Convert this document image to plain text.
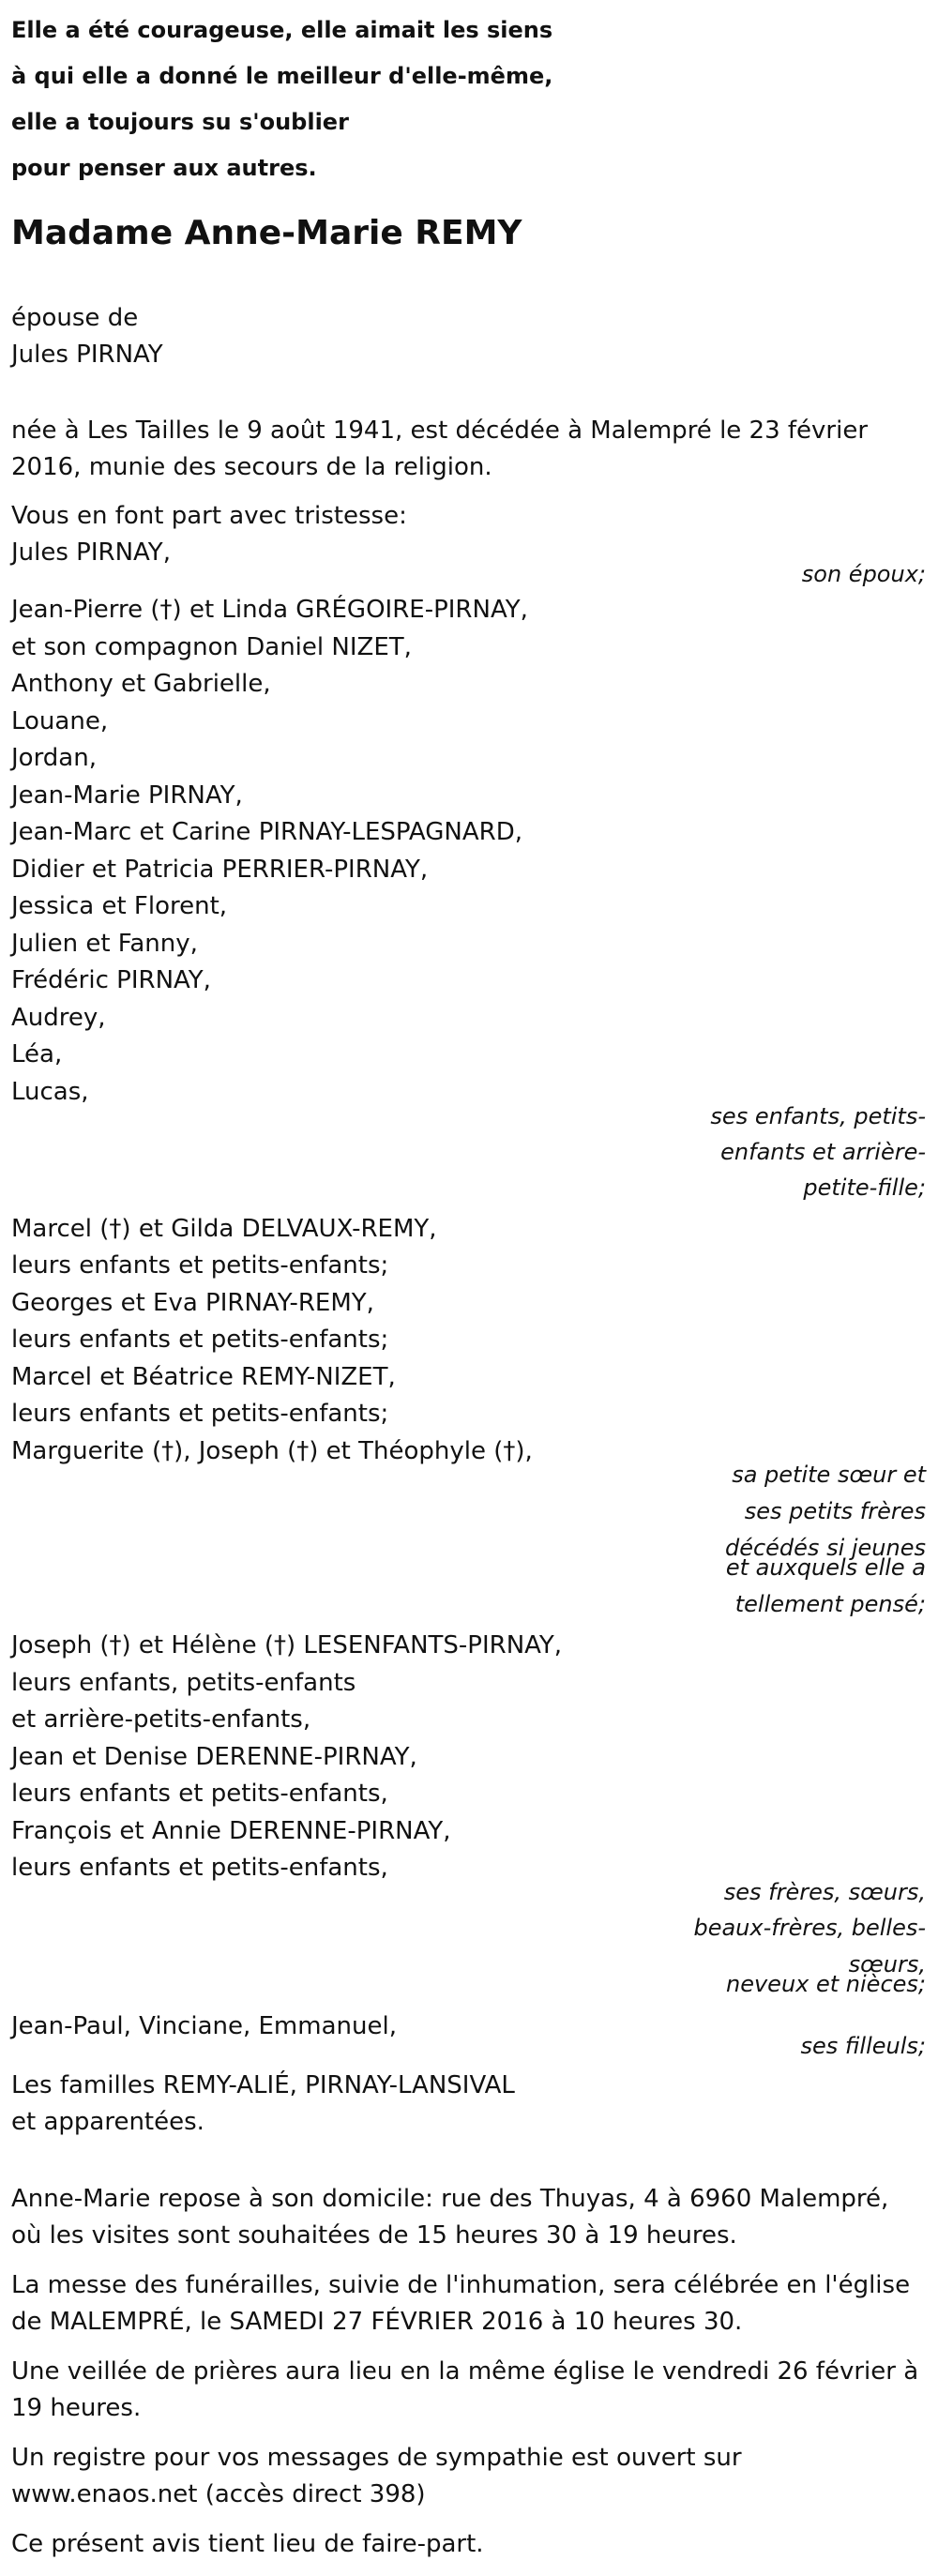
Elle a été courageuse, elle aimait les siens
à qui elle a donné le meilleur d'elle-même,
elle a toujours su s'oublier
pour penser aux autres.
Madame Anne-Marie REMY
épouse de
Jules PIRNAY
née à Les Tailles le 9 août 1941, est décédée à Malempré le 23 février
2016, munie des secours de la religion.
Vous en font part avec tristesse:
Jules PIRNAY,
son époux;
Jean-Pierre (†) et Linda GRÉGOIRE-PIRNAY,
et son compagnon Daniel NIZET,
Anthony et Gabrielle,
Louane,
Jordan,
Jean-Marie PIRNAY,
Jean-Marc et Carine PIRNAY-LESPAGNARD,
Didier et Patricia PERRIER-PIRNAY,
Jessica et Florent,
Julien et Fanny,
Frédéric PIRNAY,
Audrey,
Léa,
Lucas,
ses enfants, petits-
enfants et arrière-
petite-fille;
Marcel (†) et Gilda DELVAUX-REMY,
leurs enfants et petits-enfants;
Georges et Eva PIRNAY-REMY,
leurs enfants et petits-enfants;
Marcel et Béatrice REMY-NIZET,
leurs enfants et petits-enfants;
Marguerite (†), Joseph (†) et Théophyle (†),
sa petite sœur et
ses petits frères
décédés si jeunes
et auxquels elle a
tellement pensé;
Joseph (†) et Hélène (†) LESENFANTS-PIRNAY,
leurs enfants, petits-enfants
et arrière-petits-enfants,
Jean et Denise DERENNE-PIRNAY,
leurs enfants et petits-enfants,
François et Annie DERENNE-PIRNAY,
leurs enfants et petits-enfants,
ses frères, sœurs,
beaux-frères, belles-
sœurs,
neveux et nièces;
Jean-Paul, Vinciane, Emmanuel,
ses filleuls;
Les familles REMY-ALIÉ, PIRNAY-LANSIVAL
et apparentées.
Anne-Marie repose à son domicile: rue des Thuyas, 4 à 6960 Malempré,
où les visites sont souhaitées de 15 heures 30 à 19 heures.
La messe des funérailles, suivie de l'inhumation, sera célébrée en l'église
de MALEMPRÉ, le SAMEDI 27 FÉVRIER 2016 à 10 heures 30.
Une veillée de prières aura lieu en la même église le vendredi 26 février à
19 heures.
Un registre pour vos messages de sympathie est ouvert sur
www.enaos.net (accès direct 398)
Ce présent avis tient lieu de faire-part.
